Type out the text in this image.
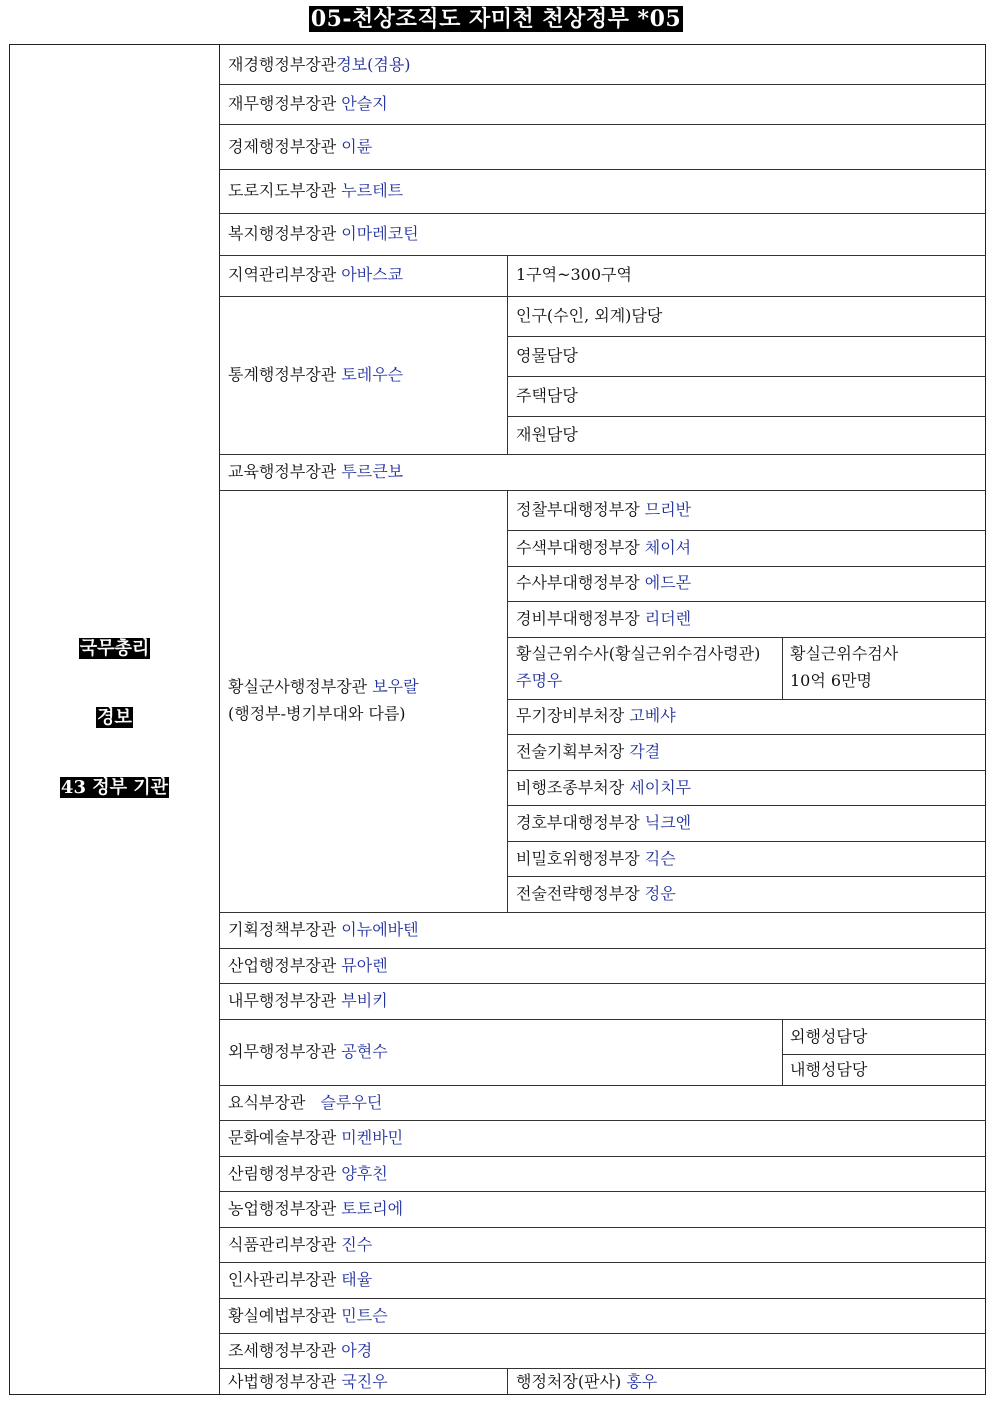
05-천상조직도 자미천 천상정부 *05
국무총리
경보
43 정부 기관
재경행정부장관경보(겸용)
재무행정부장관 안슬지
경제행정부장관 이륜
도로지도부장관 누르테트
복지행정부장관 이마레코틴
지역관리부장관 아바스쿄	1구역~300구역
통계행정부장관 토레우슨
인구(수인, 외계)담당
영물담당
주택담당
재원담당
교육행정부장관 투르큰보
황실군사행정부장관 보우랄
(행정부-병기부대와 다름)
정찰부대행정부장 므리반
수색부대행정부장 체이셔
수사부대행정부장 에드몬
경비부대행정부장 리더렌
황실근위수사(황실근위수검사령관)
주명우
황실근위수검사
10억 6만명
무기장비부처장 고베샤
전술기획부처장 각결
비행조종부처장 세이치무
경호부대행정부장 닉크엔
비밀호위행정부장 긱슨
전술전략행정부장 정운
기획정책부장관 이뉴에바텐
산업행정부장관 뮤아렌
내무행정부장관 부비키
외무행정부장관 공현수
외행성담당
내행성담당
요식부장관 슬루우딘
문화예술부장관 미켄바민
산림행정부장관 양후친
농업행정부장관 토토리에
식품관리부장관 진수
인사관리부장관 태율
황실예법부장관 민트슨
조세행정부장관 아경
사법행정부장관 국진우	행정처장(판사) 홍우
